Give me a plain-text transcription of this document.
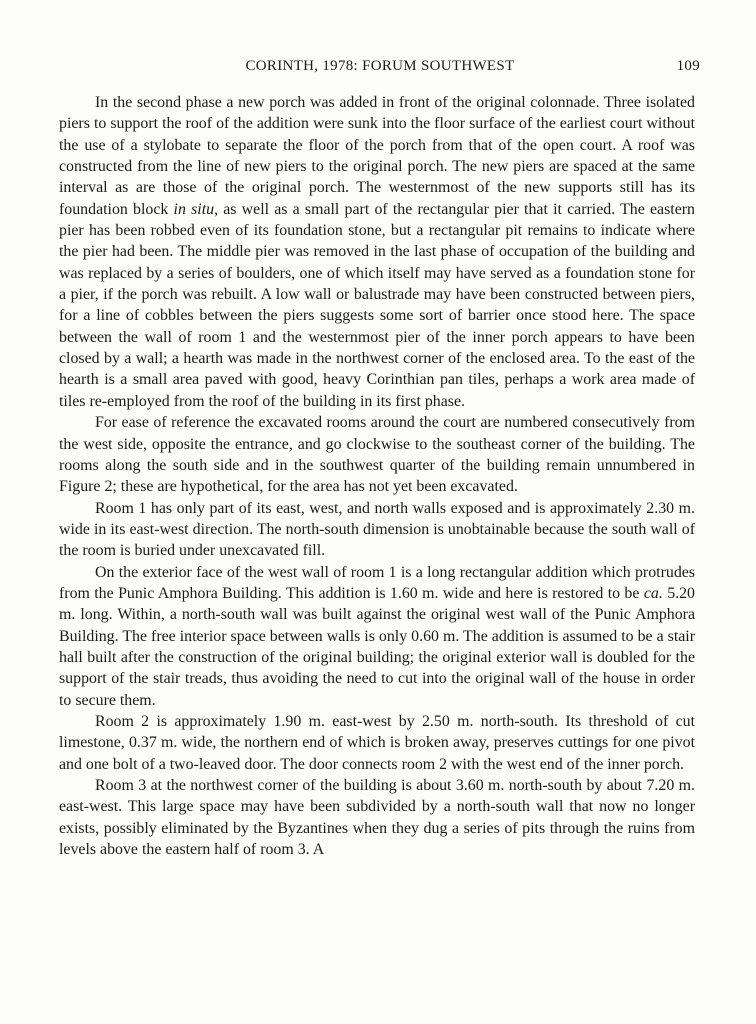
CORINTH, 1978: FORUM SOUTHWEST	109

In the second phase a new porch was added in front of the original colonnade. Three isolated piers to support the roof of the addition were sunk into the floor surface of the earliest court without the use of a stylobate to separate the floor of the porch from that of the open court. A roof was constructed from the line of new piers to the original porch. The new piers are spaced at the same interval as are those of the original porch. The westernmost of the new supports still has its foundation block in situ, as well as a small part of the rectangular pier that it carried. The eastern pier has been robbed even of its foundation stone, but a rectangular pit remains to indicate where the pier had been. The middle pier was removed in the last phase of occupation of the building and was replaced by a series of boulders, one of which itself may have served as a foundation stone for a pier, if the porch was rebuilt. A low wall or balustrade may have been constructed between piers, for a line of cobbles between the piers suggests some sort of barrier once stood here. The space between the wall of room 1 and the westernmost pier of the inner porch appears to have been closed by a wall; a hearth was made in the northwest corner of the enclosed area. To the east of the hearth is a small area paved with good, heavy Corinthian pan tiles, perhaps a work area made of tiles re-employed from the roof of the building in its first phase.

For ease of reference the excavated rooms around the court are numbered consecutively from the west side, opposite the entrance, and go clockwise to the southeast corner of the building. The rooms along the south side and in the southwest quarter of the building remain unnumbered in Figure 2; these are hypothetical, for the area has not yet been excavated.

Room 1 has only part of its east, west, and north walls exposed and is approximately 2.30 m. wide in its east-west direction. The north-south dimension is unobtainable because the south wall of the room is buried under unexcavated fill.

On the exterior face of the west wall of room 1 is a long rectangular addition which protrudes from the Punic Amphora Building. This addition is 1.60 m. wide and here is restored to be ca. 5.20 m. long. Within, a north-south wall was built against the original west wall of the Punic Amphora Building. The free interior space between walls is only 0.60 m. The addition is assumed to be a stair hall built after the construction of the original building; the original exterior wall is doubled for the support of the stair treads, thus avoiding the need to cut into the original wall of the house in order to secure them.

Room 2 is approximately 1.90 m. east-west by 2.50 m. north-south. Its threshold of cut limestone, 0.37 m. wide, the northern end of which is broken away, preserves cuttings for one pivot and one bolt of a two-leaved door. The door connects room 2 with the west end of the inner porch.

Room 3 at the northwest corner of the building is about 3.60 m. north-south by about 7.20 m. east-west. This large space may have been subdivided by a north-south wall that now no longer exists, possibly eliminated by the Byzantines when they dug a series of pits through the ruins from levels above the eastern half of room 3. A
